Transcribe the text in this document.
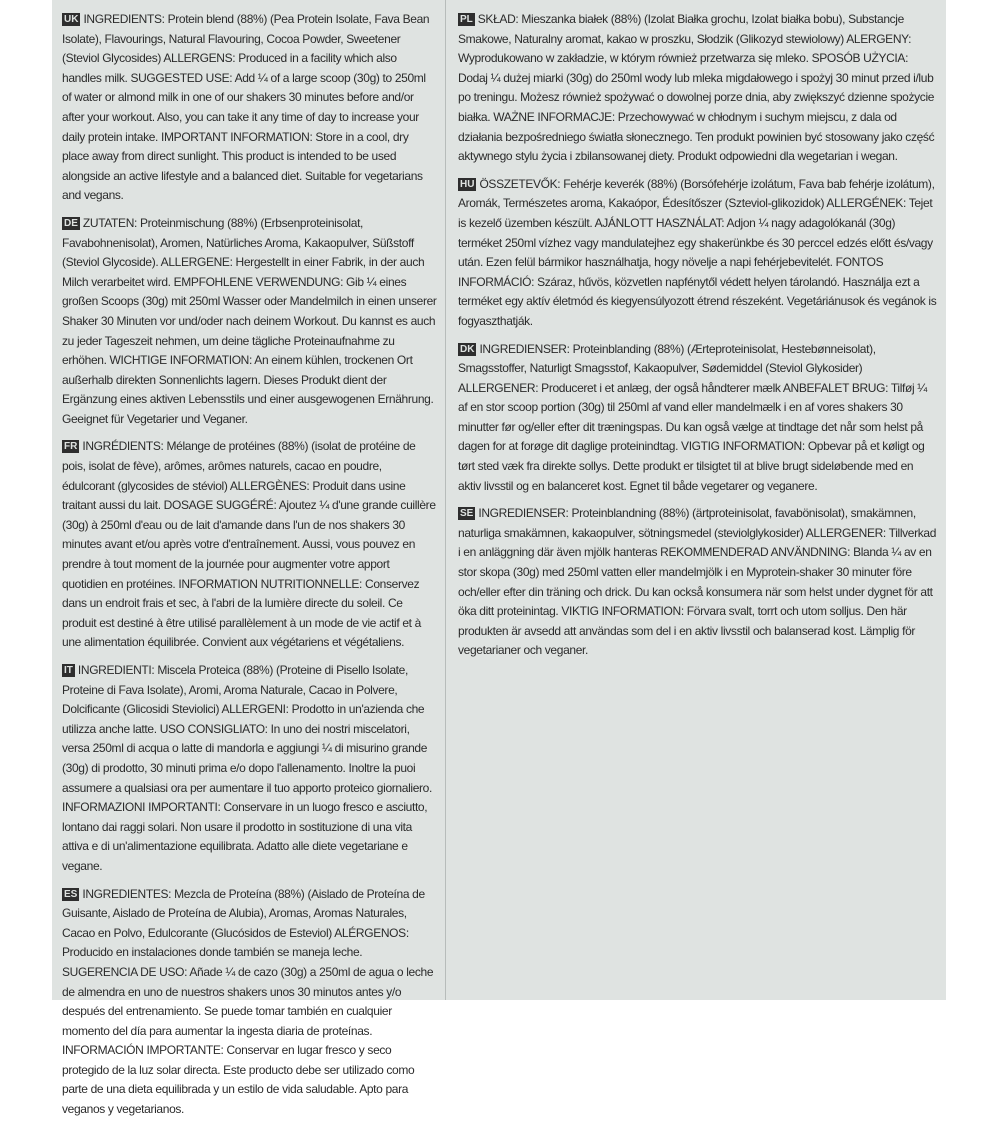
UK INGREDIENTS: Protein blend (88%) (Pea Protein Isolate, Fava Bean Isolate), Flavourings, Natural Flavouring, Cocoa Powder, Sweetener (Steviol Glycosides) ALLERGENS: Produced in a facility which also handles milk. SUGGESTED USE: Add ¼ of a large scoop (30g) to 250ml of water or almond milk in one of our shakers 30 minutes before and/or after your workout. Also, you can take it any time of day to increase your daily protein intake. IMPORTANT INFORMATION: Store in a cool, dry place away from direct sunlight. This product is intended to be used alongside an active lifestyle and a balanced diet. Suitable for vegetarians and vegans.
DE ZUTATEN: Proteinmischung (88%) (Erbsenproteinisolat, Favabohnenisolat), Aromen, Natürliches Aroma, Kakaopulver, Süßstoff (Steviol Glycoside). ALLERGENE: Hergestellt in einer Fabrik, in der auch Milch verarbeitet wird. EMPFOHLENE VERWENDUNG: Gib ¼ eines großen Scoops (30g) mit 250ml Wasser oder Mandelmilch in einen unserer Shaker 30 Minuten vor und/oder nach deinem Workout. Du kannst es auch zu jeder Tageszeit nehmen, um deine tägliche Proteinaufnahme zu erhöhen. WICHTIGE INFORMATION: An einem kühlen, trockenen Ort außerhalb direkten Sonnenlichts lagern. Dieses Produkt dient der Ergänzung eines aktiven Lebensstils und einer ausgewogenen Ernährung. Geeignet für Vegetarier und Veganer.
FR INGRÉDIENTS: Mélange de protéines (88%) (isolat de protéine de pois, isolat de fève), arômes, arômes naturels, cacao en poudre, édulcorant (glycosides de stéviol) ALLERGÈNES: Produit dans usine traitant aussi du lait. DOSAGE SUGGÉRÉ: Ajoutez ¼ d'une grande cuillère (30g) à 250ml d'eau ou de lait d'amande dans l'un de nos shakers 30 minutes avant et/ou après votre d'entraînement. Aussi, vous pouvez en prendre à tout moment de la journée pour augmenter votre apport quotidien en protéines. INFORMATION NUTRITIONNELLE: Conservez dans un endroit frais et sec, à l'abri de la lumière directe du soleil. Ce produit est destiné à être utilisé parallèlement à un mode de vie actif et à une alimentation équilibrée. Convient aux végétariens et végétaliens.
IT INGREDIENTI: Miscela Proteica (88%) (Proteine di Pisello Isolate, Proteine di Fava Isolate), Aromi, Aroma Naturale, Cacao in Polvere, Dolcificante (Glicosidi Steviolici) ALLERGENI: Prodotto in un'azienda che utilizza anche latte. USO CONSIGLIATO: In uno dei nostri miscelatori, versa 250ml di acqua o latte di mandorla e aggiungi ¼ di misurino grande (30g) di prodotto, 30 minuti prima e/o dopo l'allenamento. Inoltre la puoi assumere a qualsiasi ora per aumentare il tuo apporto proteico giornaliero. INFORMAZIONI IMPORTANTI: Conservare in un luogo fresco e asciutto, lontano dai raggi solari. Non usare il prodotto in sostituzione di una vita attiva e di un'alimentazione equilibrata. Adatto alle diete vegetariane e vegane.
ES INGREDIENTES: Mezcla de Proteína (88%) (Aislado de Proteína de Guisante, Aislado de Proteína de Alubia), Aromas, Aromas Naturales, Cacao en Polvo, Edulcorante (Glucósidos de Esteviol) ALÉRGENOS: Producido en instalaciones donde también se maneja leche. SUGERENCIA DE USO: Añade ¼ de cazo (30g) a 250ml de agua o leche de almendra en uno de nuestros shakers unos 30 minutos antes y/o después del entrenamiento. Se puede tomar también en cualquier momento del día para aumentar la ingesta diaria de proteínas. INFORMACIÓN IMPORTANTE: Conservar en lugar fresco y seco protegido de la luz solar directa. Este producto debe ser utilizado como parte de una dieta equilibrada y un estilo de vida saludable. Apto para veganos y vegetarianos.
PL SKŁAD: Mieszanka białek (88%) (Izolat Białka grochu, Izolat białka bobu), Substancje Smakowe, Naturalny aromat, kakao w proszku, Słodzik (Glikozyd stewiolowy) ALERGENY: Wyprodukowano w zakładzie, w którym również przetwarza się mleko. SPOSÓB UŻYCIA: Dodaj ¼ dużej miarki (30g) do 250ml wody lub mleka migdałowego i spożyj 30 minut przed i/lub po treningu. Możesz również spożywać o dowolnej porze dnia, aby zwiększyć dzienne spożycie białka. WAŻNE INFORMACJE: Przechowywać w chłodnym i suchym miejscu, z dala od działania bezpośredniego światła słonecznego. Ten produkt powinien być stosowany jako część aktywnego stylu życia i zbilansowanej diety. Produkt odpowiedni dla wegetarian i wegan.
HU ÖSSZETEVŐK: Fehérje keverék (88%) (Borsófehérje izolátum, Fava bab fehérje izolátum), Aromák, Természetes aroma, Kakaópor, Édesítőszer (Szteviol-glikozidok) ALLERGÉNEK: Tejet is kezelő üzemben készült. AJÁNLOTT HASZNÁLAT: Adjon ¼ nagy adagolókanál (30g) terméket 250ml vízhez vagy mandulatejhez egy shakerünkbe és 30 perccel edzés előtt és/vagy után. Ezen felül bármikor használhatja, hogy növelje a napi fehérjebevitelét. FONTOS INFORMÁCIÓ: Száraz, hűvös, közvetlen napfénytől védett helyen tárolandó. Használja ezt a terméket egy aktív életmód és kiegyensúlyozott étrend részeként. Vegetáriánusok és vegánok is fogyaszthatják.
DK INGREDIENSER: Proteinblanding (88%) (Ærteproteinisolat, Hestebønneisolat), Smagsstoffer, Naturligt Smagsstof, Kakaopulver, Sødemiddel (Steviol Glykosider) ALLERGENER: Produceret i et anlæg, der også håndterer mælk ANBEFALET BRUG: Tilføj ¼ af en stor scoop portion (30g) til 250ml af vand eller mandelmælk i en af vores shakers 30 minutter før og/eller efter dit træningspas. Du kan også vælge at tindtage det når som helst på dagen for at forøge dit daglige proteinindtag. VIGTIG INFORMATION: Opbevar på et køligt og tørt sted væk fra direkte sollys. Dette produkt er tilsigtet til at blive brugt sideløbende med en aktiv livsstil og en balanceret kost. Egnet til både vegetarer og veganere.
SE INGREDIENSER: Proteinblandning (88%) (ärtproteinisolat, favabönisolat), smakämnen, naturliga smakämnen, kakaopulver, sötningsmedel (steviolglykosider) ALLERGENER: Tillverkad i en anläggning där även mjölk hanteras REKOMMENDERAD ANVÄNDNING: Blanda ¼ av en stor skopa (30g) med 250ml vatten eller mandelmjölk i en Myprotein-shaker 30 minuter före och/eller efter din träning och drick. Du kan också konsumera när som helst under dygnet för att öka ditt proteinintag. VIKTIG INFORMATION: Förvara svalt, torrt och utom solljus. Den här produkten är avsedd att användas som del i en aktiv livsstil och balanserad kost. Lämplig för vegetarianer och veganer.
